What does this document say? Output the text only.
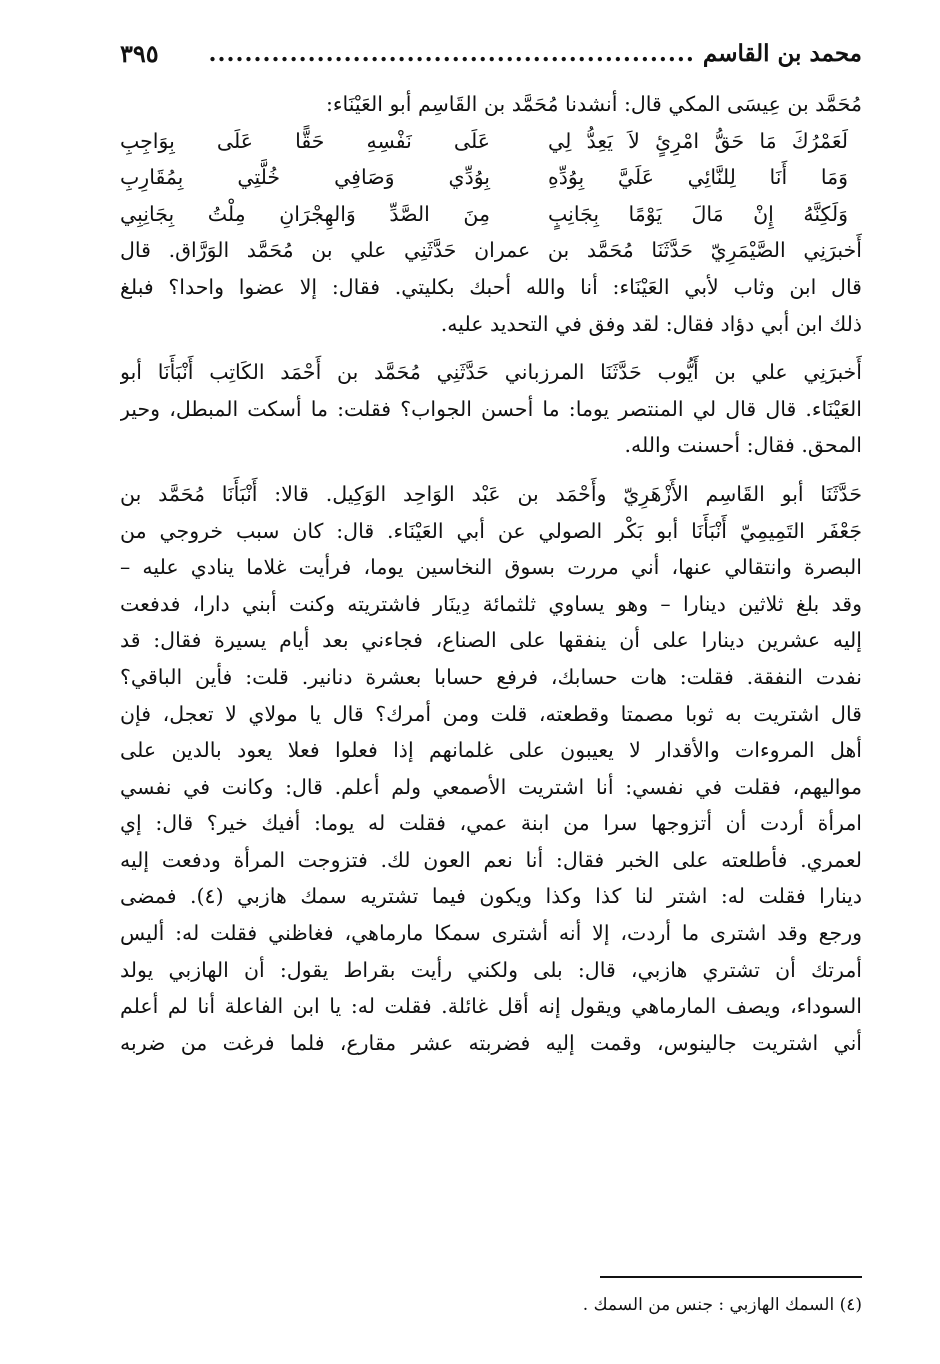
محمد بن القاسم
......................................................
٣٩٥
مُحَمَّد بن عِيسَى المكي قال: أنشدنا مُحَمَّد بن القَاسِم أبو العَيْنَاء:
لَعَمْرُكَ مَا حَقُّ امْرِئٍ لاَ يَعِدُّ لِي
عَلَى نَفْسِهِ حَقًّا عَلَى بِوَاجِبِ
وَمَا أَنَا لِلنَّائِي عَلَيَّ بِوُدِّهِ
بِوُدِّي وَصَافِي خُلَّتِي بِمُقَارِبِ
وَلَكِنَّهُ إِنْ مَالَ يَوْمًا بِجَانِبٍ
مِنَ الصَّدِّ وَالهِجْرَانِ مِلْتُ بِجَانِبِي
أَخبرَنِي الصَّيْمَرِيّ حَدَّثَنَا مُحَمَّد بن عمران حَدَّثَنِي علي بن مُحَمَّد الوَرَّاق. قال
قال ابن وثاب لأبي العَيْنَاء: أنا والله أحبك بكليتي. فقال: إلا عضوا واحدا؟ فبلغ
ذلك ابن أبي دؤاد فقال: لقد وفق في التحديد عليه.
أَخبرَنِي علي بن أَيُّوب حَدَّثَنَا المرزباني حَدَّثَنِي مُحَمَّد بن أَحْمَد الكَاتِب أَنْبَأَنَا أبو
العَيْنَاء. قال قال لي المنتصر يوما: ما أحسن الجواب؟ فقلت: ما أسكت المبطل، وحير
المحق. فقال: أحسنت والله.
حَدَّثَنَا أبو القَاسِم الأَزْهَرِيّ وأَحْمَد بن عَبْد الوَاحِد الوَكِيل. قالا: أَنْبَأَنَا مُحَمَّد بن
جَعْفَر التَمِيمِيّ أَنْبَأَنَا أبو بَكْر الصولي عن أبي العَيْنَاء. قال: كان سبب خروجي من
البصرة وانتقالي عنها، أني مررت بسوق النخاسين يوما، فرأيت غلاما ينادي عليه –
وقد بلغ ثلاثين دينارا – وهو يساوي ثلثمائة دِينَار فاشتريته وكنت أبني دارا، فدفعت
إليه عشرين دينارا على أن ينفقها على الصناع، فجاءني بعد أيام يسيرة فقال: قد
نفدت النفقة. فقلت: هات حسابك، فرفع حسابا بعشرة دنانير. قلت: فأين الباقي؟
قال اشتريت به ثوبا مصمتا وقطعته، قلت ومن أمرك؟ قال يا مولاي لا تعجل، فإن
أهل المروءات والأقدار لا يعيبون على غلمانهم إذا فعلوا فعلا يعود بالدين على
مواليهم، فقلت في نفسي: أنا اشتريت الأصمعي ولم أعلم. قال: وكانت في نفسي
امرأة أردت أن أتزوجها سرا من ابنة عمي، فقلت له يوما: أفيك خير؟ قال: إي
لعمري. فأطلعته على الخبر فقال: أنا نعم العون لك. فتزوجت المرأة ودفعت إليه
دينارا فقلت له: اشتر لنا كذا وكذا ويكون فيما تشتريه سمك هازبي (٤). فمضى
ورجع وقد اشترى ما أردت، إلا أنه أشترى سمكا مارماهي، فغاظني فقلت له: أليس
أمرتك أن تشتري هازبي، قال: بلى ولكني رأيت بقراط يقول: أن الهازبي يولد
السوداء، ويصف المارماهي ويقول إنه أقل غائلة. فقلت له: يا ابن الفاعلة أنا لم أعلم
أني اشتريت جالينوس، وقمت إليه فضربته عشر مقارع، فلما فرغت من ضربه
(٤) السمك الهازبي : جنس من السمك .
